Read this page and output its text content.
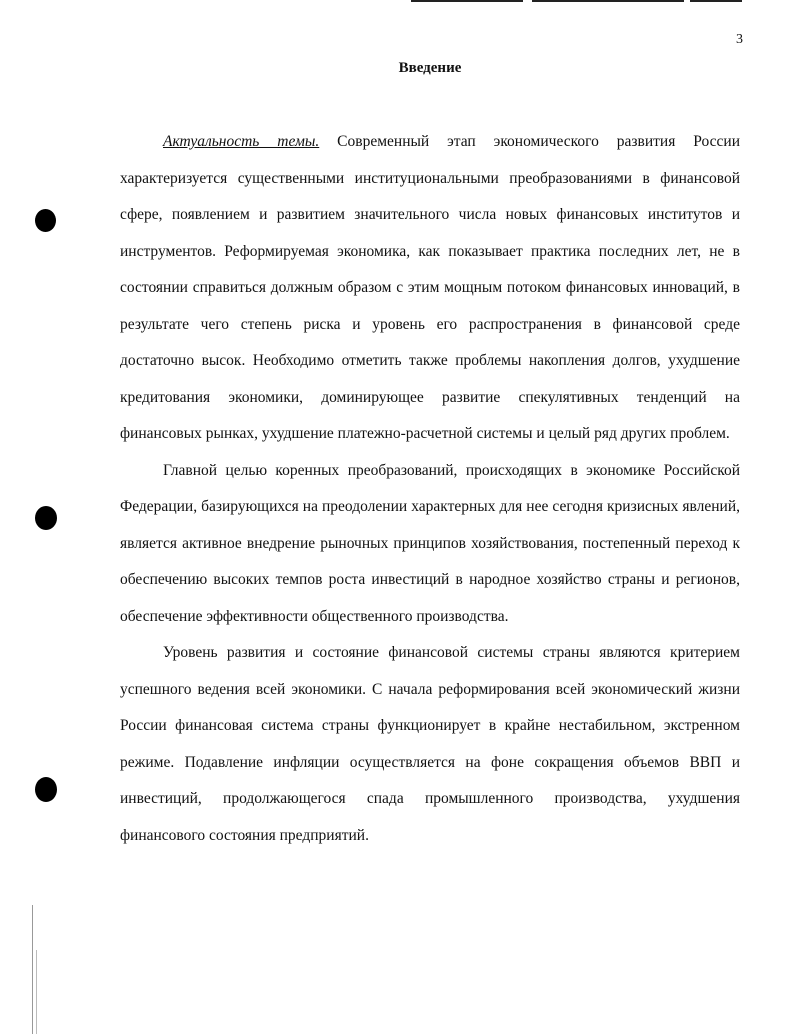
3
Введение

Актуальность темы. Современный этап экономического развития России характеризуется существенными институциональными преобразованиями в финансовой сфере, появлением и развитием значительного числа новых финансовых институтов и инструментов. Реформируемая экономика, как показывает практика последних лет, не в состоянии справиться должным образом с этим мощным потоком финансовых инноваций, в результате чего степень риска и уровень его распространения в финансовой среде достаточно высок. Необходимо отметить также проблемы накопления долгов, ухудшение кредитования экономики, доминирующее развитие спекулятивных тенденций на финансовых рынках, ухудшение платежно-расчетной системы и целый ряд других проблем.

Главной целью коренных преобразований, происходящих в экономике Российской Федерации, базирующихся на преодолении характерных для нее сегодня кризисных явлений, является активное внедрение рыночных принципов хозяйствования, постепенный переход к обеспечению высоких темпов роста инвестиций в народное хозяйство страны и регионов, обеспечение эффективности общественного производства.

Уровень развития и состояние финансовой системы страны являются критерием успешного ведения всей экономики. С начала реформирования всей экономический жизни России финансовая система страны функционирует в крайне нестабильном, экстренном режиме. Подавление инфляции осуществляется на фоне сокращения объемов ВВП и инвестиций, продолжающегося спада промышленного производства, ухудшения финансового состояния предприятий.
